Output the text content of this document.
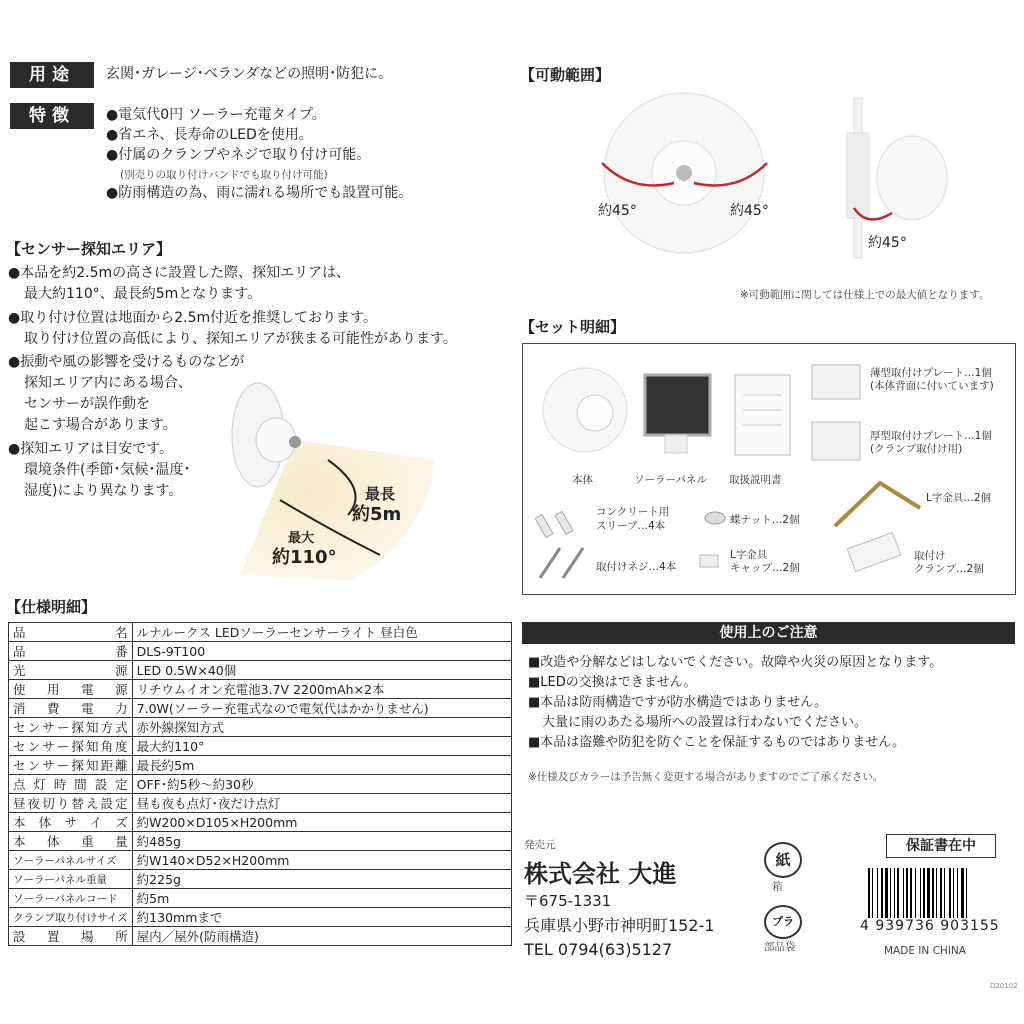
用途	玄関･ガレージ･ベランダなどの照明･防犯に。
特徴	●電気代0円 ソーラー充電タイプ。
●省エネ、長寿命のLEDを使用。
●付属のクランプやネジで取り付け可能。
(別売りの取り付けバンドでも取り付け可能)
●防雨構造の為、雨に濡れる場所でも設置可能。
【センサー探知エリア】
●本品を約2.5mの高さに設置した際、探知エリアは、
最大約110°、最長約5mとなります。
●取り付け位置は地面から2.5m付近を推奨しております。
取り付け位置の高低により、探知エリアが狭まる可能性があります。
●振動や風の影響を受けるものなどが
探知エリア内にある場合、
センサーが誤作動を
起こす場合があります。
●探知エリアは目安です。
環境条件(季節･気候･温度･
湿度)により異なります。	最長
約5m
最大
約110°
【可動範囲】
約45°	約45°
約45°
※可動範囲に関しては仕様上での最大値となります。
【セット明細】
本体	ソーラーパネル 取扱説明書
薄型取付けプレート…1個
(本体背面に付いています)
厚型取付けプレート…1個
(クランプ取付け用)
コンクリート用
スリーブ…4本
取付けネジ…4本
蝶ナット…2個
L字金具
キャップ…2個
L字金具…2個
取付け
クランプ…2個
【仕様明細】
品名	ルナルークス LEDソーラーセンサーライト 昼白色
品番	DLS-9T100
光源	LED 0.5W×40個
使用電源	リチウムイオン充電池3.7V 2200mAh×2本
消費電力	7.0W(ソーラー充電式なので電気代はかかりません)
センサー探知方式	赤外線探知方式
センサー探知角度	最大約110°
センサー探知距離	最長約5m
点灯時間設定	OFF･約5秒～約30秒
昼夜切り替え設定	昼も夜も点灯･夜だけ点灯
本体サイズ	約W200×D105×H200mm
本体重量	約485g
ソーラーパネルサイズ	約W140×D52×H200mm
ソーラーパネル重量	約225g
ソーラーパネルコード	約5m
クランプ取り付けサイズ	約130mmまで
設置場所	屋内／屋外(防雨構造)
使用上のご注意
■改造や分解などはしないでください。故障や火災の原因となります。
■LEDの交換はできません。
■本品は防雨構造ですが防水構造ではありません。
大量に雨のあたる場所への設置は行わないでください。
■本品は盗難や防犯を防ぐことを保証するものではありません。
※仕様及びカラーは予告無く変更する場合がありますのでご了承ください。
発売元
株式会社 大進
〒675-1331
兵庫県小野市神明町152-1
TEL 0794(63)5127
紙
箱
プラ
部品袋
保証書在中
4 939736 903155
MADE IN CHINA
D20102
